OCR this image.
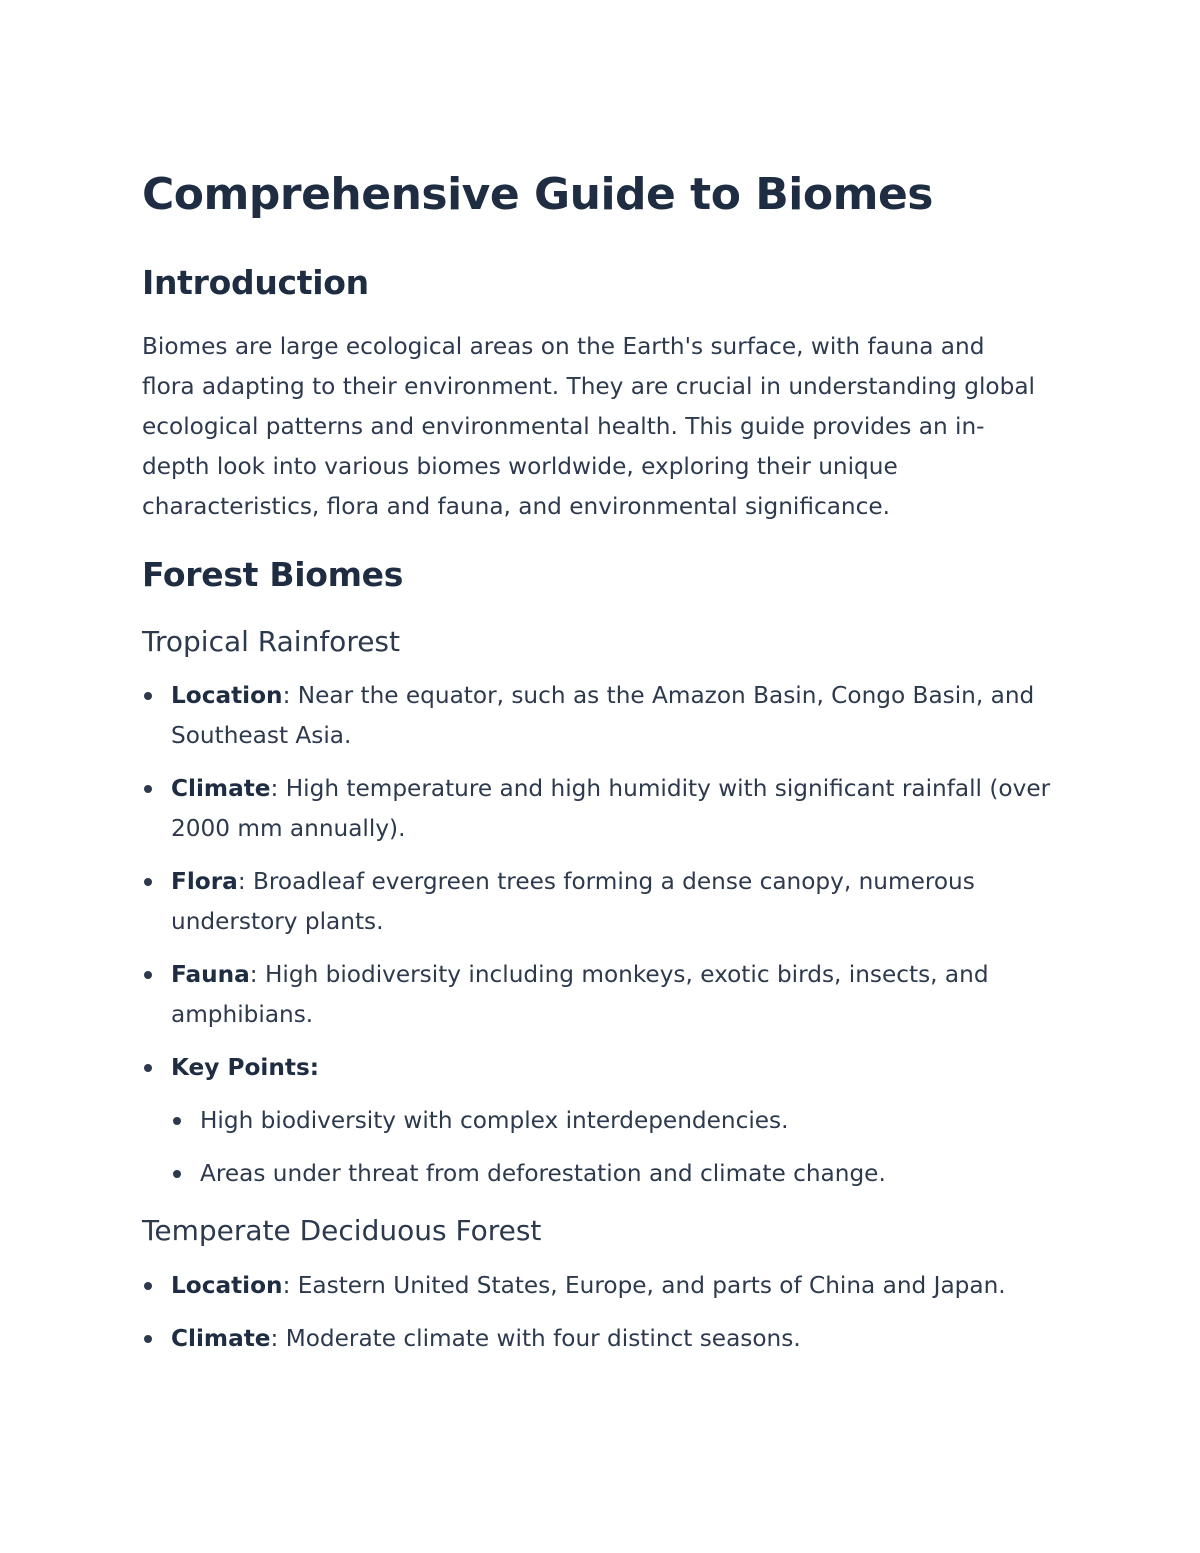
Comprehensive Guide to Biomes
Introduction

Biomes are large ecological areas on the Earth's surface, with fauna and flora adapting to their environment. They are crucial in understanding global ecological patterns and environmental health. This guide provides an in-depth look into various biomes worldwide, exploring their unique characteristics, flora and fauna, and environmental significance.

Forest Biomes
Tropical Rainforest
Location: Near the equator, such as the Amazon Basin, Congo Basin, and Southeast Asia.
Climate: High temperature and high humidity with significant rainfall (over 2000 mm annually).
Flora: Broadleaf evergreen trees forming a dense canopy, numerous understory plants.
Fauna: High biodiversity including monkeys, exotic birds, insects, and amphibians.
Key Points:
High biodiversity with complex interdependencies.
Areas under threat from deforestation and climate change.
Temperate Deciduous Forest
Location: Eastern United States, Europe, and parts of China and Japan.
Climate: Moderate climate with four distinct seasons.
